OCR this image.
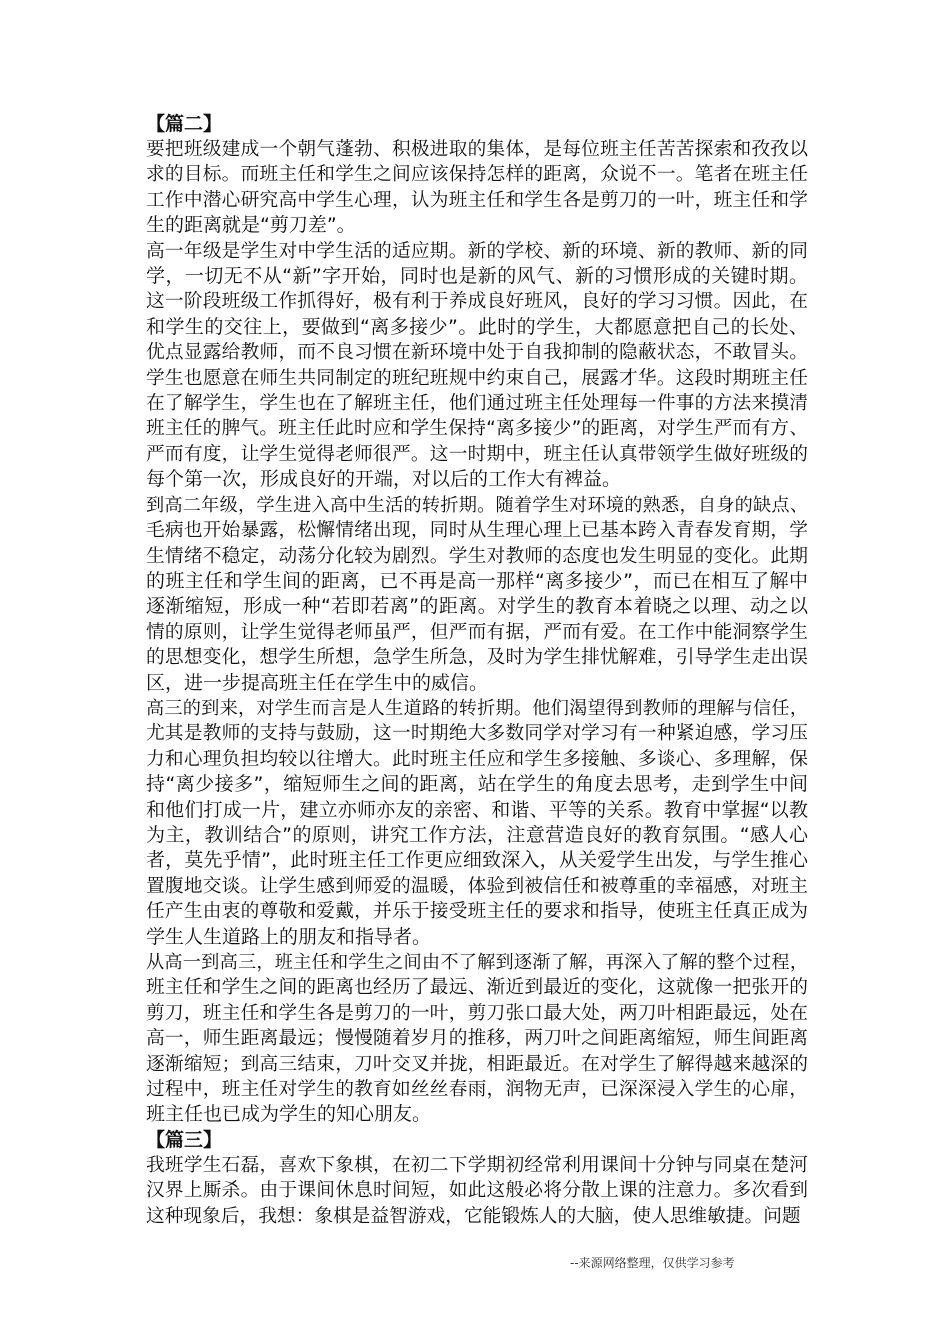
【篇二】

要把班级建成一个朝气蓬勃、积极进取的集体，是每位班主任苦苦探索和孜孜以
求的目标。而班主任和学生之间应该保持怎样的距离，众说不一。笔者在班主任
工作中潜心研究高中学生心理，认为班主任和学生各是剪刀的一叶，班主任和学
生的距离就是“剪刀差”。

高一年级是学生对中学生活的适应期。新的学校、新的环境、新的教师、新的同
学，一切无不从“新”字开始，同时也是新的风气、新的习惯形成的关键时期。
这一阶段班级工作抓得好，极有利于养成良好班风，良好的学习习惯。因此，在
和学生的交往上，要做到“离多接少”。此时的学生，大都愿意把自己的长处、
优点显露给教师，而不良习惯在新环境中处于自我抑制的隐蔽状态，不敢冒头。
学生也愿意在师生共同制定的班纪班规中约束自己，展露才华。这段时期班主任
在了解学生，学生也在了解班主任，他们通过班主任处理每一件事的方法来摸清
班主任的脾气。班主任此时应和学生保持“离多接少”的距离，对学生严而有方、
严而有度，让学生觉得老师很严。这一时期中，班主任认真带领学生做好班级的
每个第一次，形成良好的开端，对以后的工作大有裨益。

到高二年级，学生进入高中生活的转折期。随着学生对环境的熟悉，自身的缺点、
毛病也开始暴露，松懈情绪出现，同时从生理心理上已基本跨入青春发育期，学
生情绪不稳定，动荡分化较为剧烈。学生对教师的态度也发生明显的变化。此期
的班主任和学生间的距离，已不再是高一那样“离多接少”，而已在相互了解中
逐渐缩短，形成一种“若即若离”的距离。对学生的教育本着晓之以理、动之以
情的原则，让学生觉得老师虽严，但严而有据，严而有爱。在工作中能洞察学生
的思想变化，想学生所想，急学生所急，及时为学生排忧解难，引导学生走出误
区，进一步提高班主任在学生中的威信。

高三的到来，对学生而言是人生道路的转折期。他们渴望得到教师的理解与信任，
尤其是教师的支持与鼓励，这一时期绝大多数同学对学习有一种紧迫感，学习压
力和心理负担均较以往增大。此时班主任应和学生多接触、多谈心、多理解，保
持“离少接多”，缩短师生之间的距离，站在学生的角度去思考，走到学生中间
和他们打成一片，建立亦师亦友的亲密、和谐、平等的关系。教育中掌握“以教
为主，教训结合”的原则，讲究工作方法，注意营造良好的教育氛围。“感人心
者，莫先乎情”，此时班主任工作更应细致深入，从关爱学生出发，与学生推心
置腹地交谈。让学生感到师爱的温暖，体验到被信任和被尊重的幸福感，对班主
任产生由衷的尊敬和爱戴，并乐于接受班主任的要求和指导，使班主任真正成为
学生人生道路上的朋友和指导者。

从高一到高三，班主任和学生之间由不了解到逐渐了解，再深入了解的整个过程，
班主任和学生之间的距离也经历了最远、渐近到最近的变化，这就像一把张开的
剪刀，班主任和学生各是剪刀的一叶，剪刀张口最大处，两刀叶相距最远，处在
高一，师生距离最远；慢慢随着岁月的推移，两刀叶之间距离缩短，师生间距离
逐渐缩短；到高三结束，刀叶交叉并拢，相距最近。在对学生了解得越来越深的
过程中，班主任对学生的教育如丝丝春雨，润物无声，已深深浸入学生的心扉，
班主任也已成为学生的知心朋友。

【篇三】

我班学生石磊，喜欢下象棋，在初二下学期初经常利用课间十分钟与同桌在楚河
汉界上厮杀。由于课间休息时间短，如此这般必将分散上课的注意力。多次看到
这种现象后，我想：象棋是益智游戏，它能锻炼人的大脑，使人思维敏捷。问题

--来源网络整理，仅供学习参考
